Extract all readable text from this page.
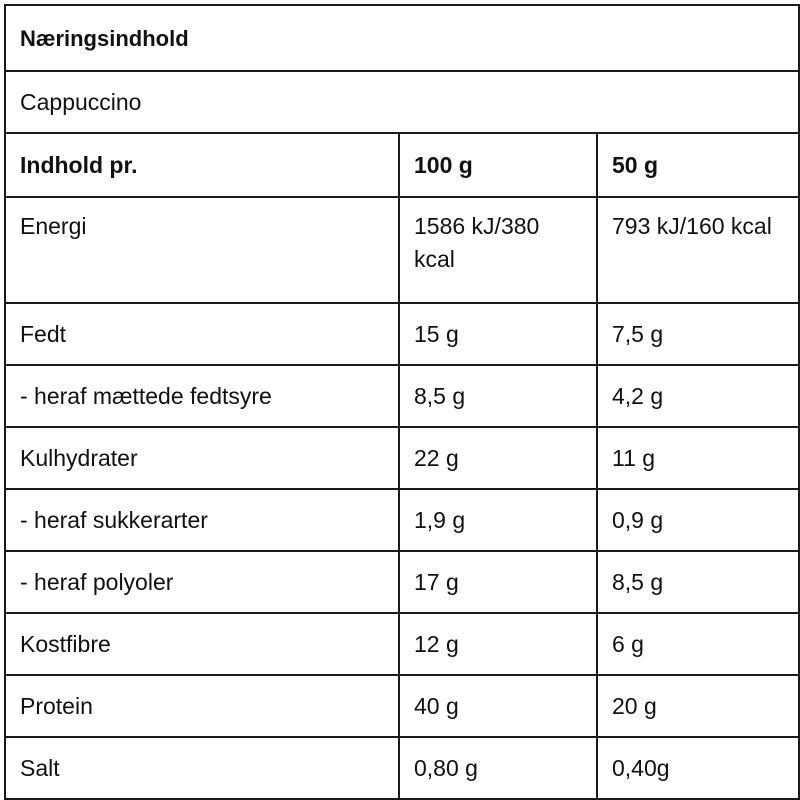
Næringsindhold		
Cappuccino		
Indhold pr.	100 g	50 g
Energi	1586 kJ/380 kcal	793 kJ/160 kcal
Fedt	15 g	7,5 g
- heraf mættede fedtsyre	8,5 g	4,2 g
Kulhydrater	22 g	11 g
- heraf sukkerarter	1,9 g	0,9 g
- heraf polyoler	17 g	8,5 g
Kostfibre	12 g	6 g
Protein	40 g	20 g
Salt	0,80 g	0,40g
